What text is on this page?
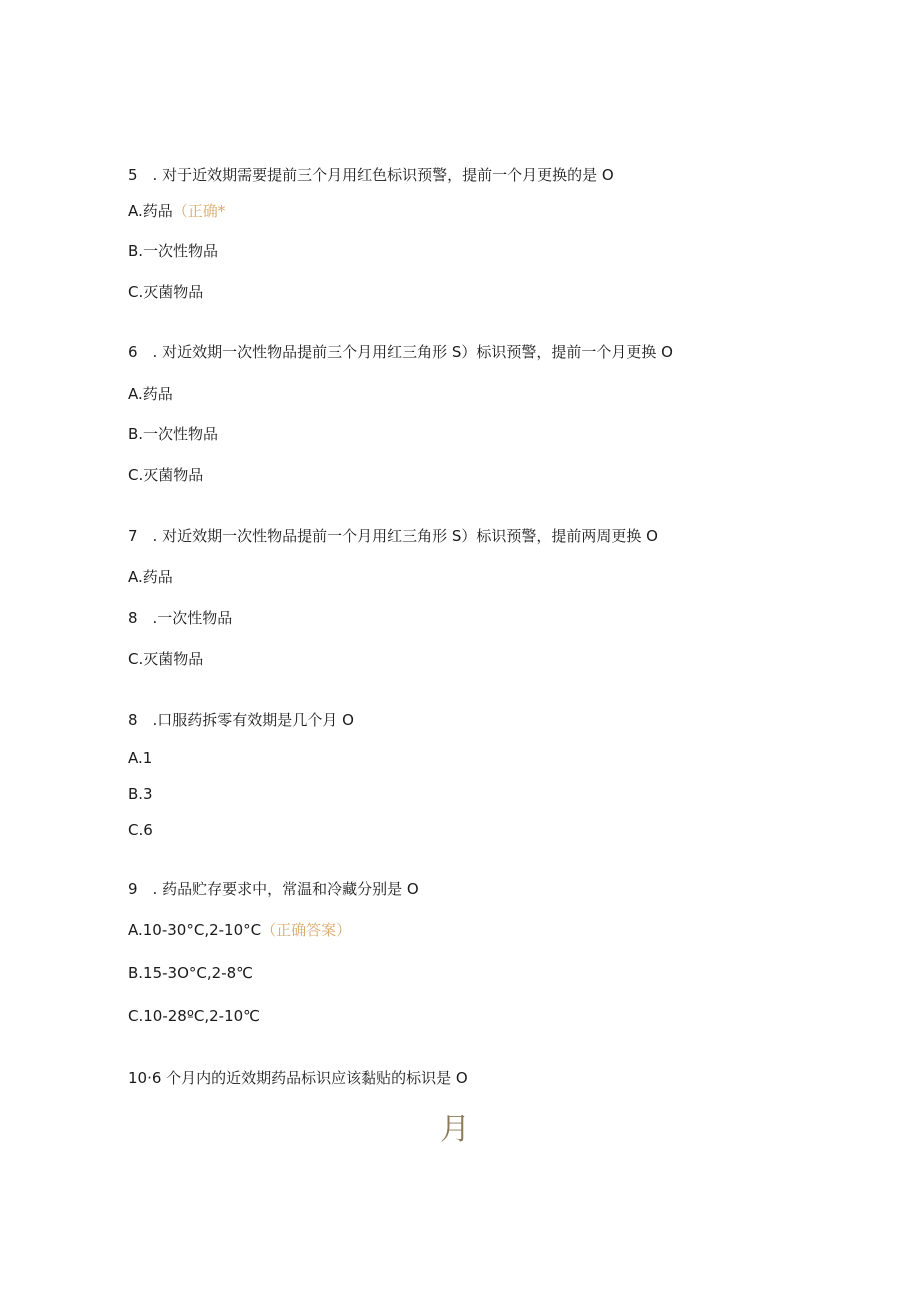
5　. 对于近效期需要提前三个月用红色标识预警，提前一个月更换的是 O
A.药品（正确*
B.一次性物品
C.灭菌物品
6　. 对近效期一次性物品提前三个月用红三角形 S）标识预警，提前一个月更换 O
A.药品
B.一次性物品
C.灭菌物品
7　. 对近效期一次性物品提前一个月用红三角形 S）标识预警，提前两周更换 O
A.药品
8　.一次性物品
C.灭菌物品
8　.口服药拆零有效期是几个月 O
A.1
B.3
C.6
9　. 药品贮存要求中，常温和冷藏分别是 O
A.10-30°C,2-10°C（正确答案）
B.15-3O°C,2-8℃
C.10-28ºC,2-10℃
10·6 个月内的近效期药品标识应该黏贴的标识是 O
月
